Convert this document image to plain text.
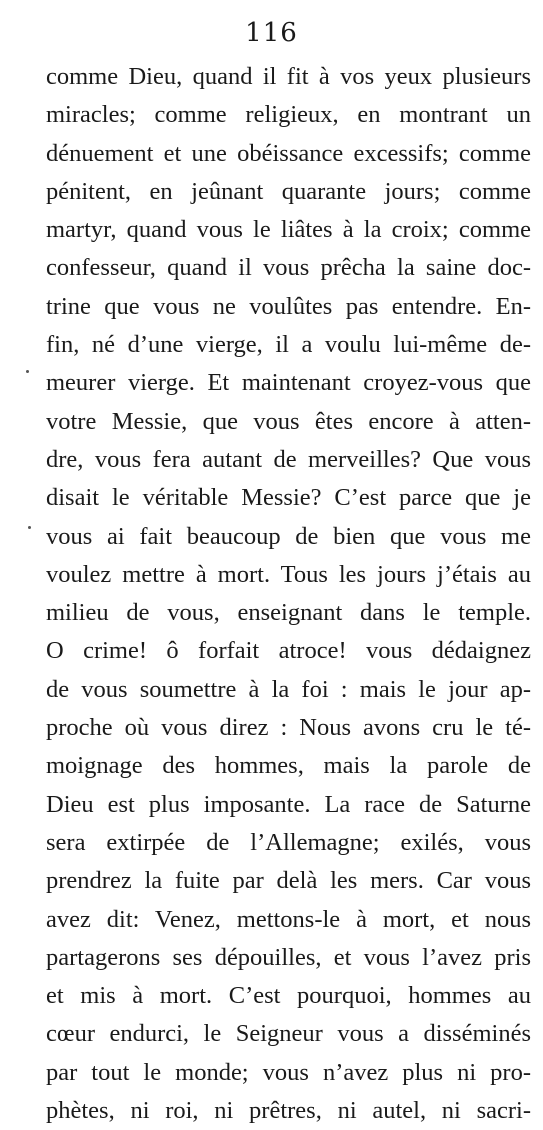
116
comme Dieu, quand il fit à vos yeux plusieurs
miracles; comme religieux, en montrant un
dénuement et une obéissance excessifs; comme
pénitent, en jeûnant quarante jours; comme
martyr, quand vous le liâtes à la croix; comme
confesseur, quand il vous prêcha la saine doc-
trine que vous ne voulûtes pas entendre. En-
fin, né d’une vierge, il a voulu lui-même de-
meurer vierge. Et maintenant croyez-vous que
votre Messie, que vous êtes encore à atten-
dre, vous fera autant de merveilles? Que vous
disait le véritable Messie? C’est parce que je
vous ai fait beaucoup de bien que vous me
voulez mettre à mort. Tous les jours j’étais au
milieu de vous, enseignant dans le temple.
O crime! ô forfait atroce! vous dédaignez
de vous soumettre à la foi : mais le jour ap-
proche où vous direz : Nous avons cru le té-
moignage des hommes, mais la parole de
Dieu est plus imposante. La race de Saturne
sera extirpée de l’Allemagne; exilés, vous
prendrez la fuite par delà les mers. Car vous
avez dit: Venez, mettons-le à mort, et nous
partagerons ses dépouilles, et vous l’avez pris
et mis à mort. C’est pourquoi, hommes au
cœur endurci, le Seigneur vous a disséminés
par tout le monde; vous n’avez plus ni pro-
phètes, ni roi, ni prêtres, ni autel, ni sacri-
